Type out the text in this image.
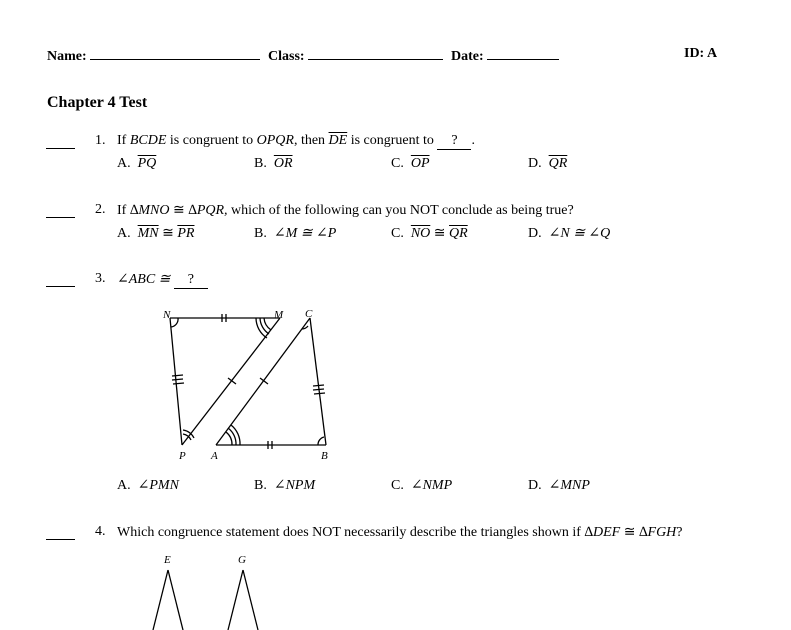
Name:	Class:	Date:	ID: A
Chapter 4 Test
1. If BCDE is congruent to OPQR, then $\overline{DE}$ is congruent to ? .
A. $\overline{PQ}$	B. $\overline{OR}$	C. $\overline{OP}$	D. $\overline{QR}$
2. If ∆MNO ≅ ∆PQR, which of the following can you NOT conclude as being true?
A. $\overline{MN}$ ≅ $\overline{PR}$	B. ∠M ≅ ∠P	C. $\overline{NO}$ ≅ $\overline{QR}$	D. ∠N ≅ ∠Q
3. ∠ABC ≅ ?
N	M C
P A	B
A. ∠PMN	B. ∠NPM	C. ∠NMP	D. ∠MNP
4. Which congruence statement does NOT necessarily describe the triangles shown if ∆DEF ≅ ∆FGH?
E	G
